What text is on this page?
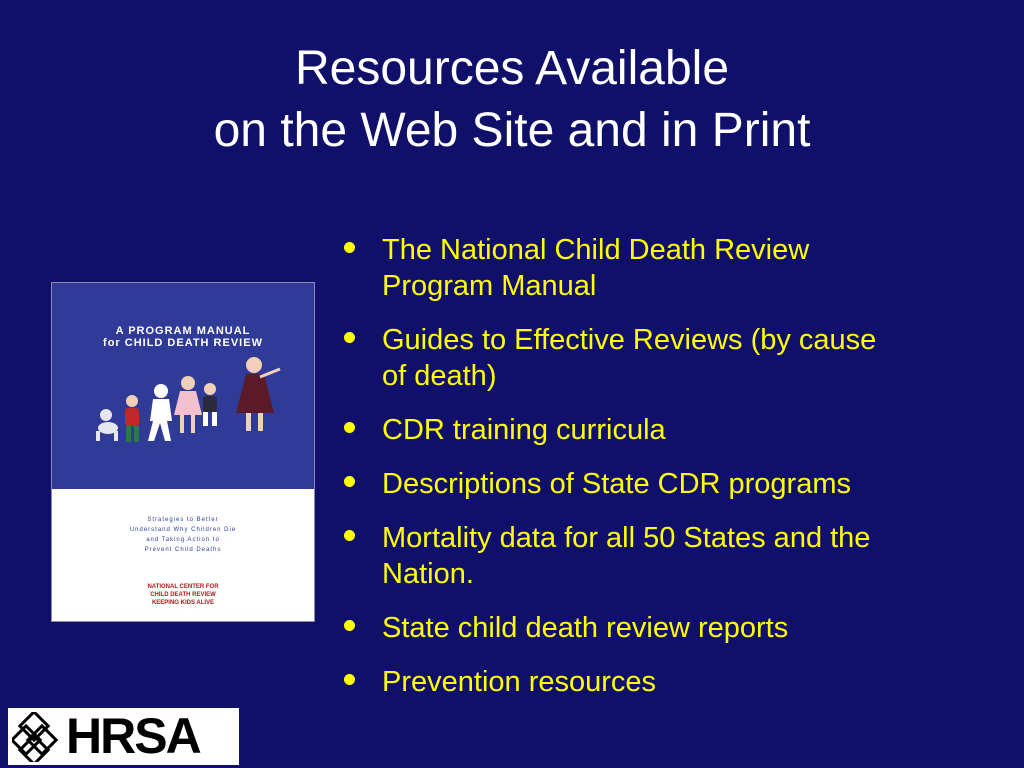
Resources Available
on the Web Site and in Print
A PROGRAM MANUAL
for CHILD DEATH REVIEW
Strategies to Better
Understand Why Children Die
and Taking Action to
Prevent Child Deaths
NATIONAL CENTER FOR
CHILD DEATH REVIEW
KEEPING KIDS ALIVE
The National Child Death Review
Program Manual
Guides to Effective Reviews (by cause
of death)
CDR training curricula
Descriptions of State CDR programs
Mortality data for all 50 States and the
Nation.
State child death review reports
Prevention resources
HRSA
